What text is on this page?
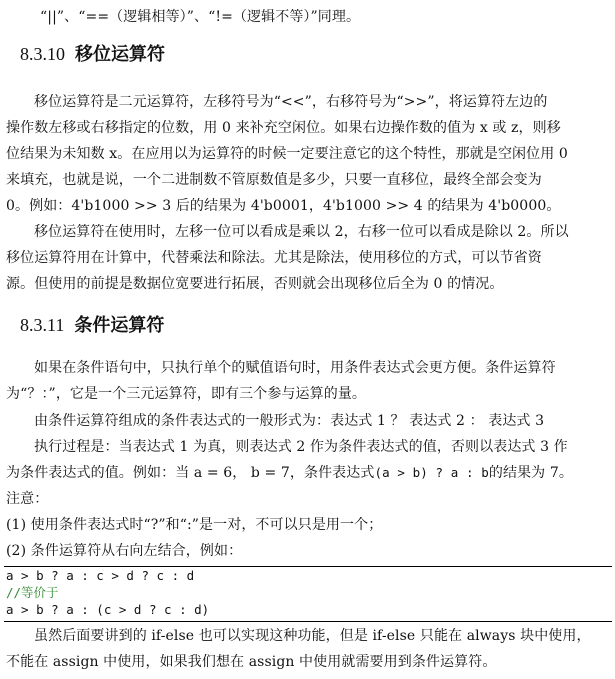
“||”、“==（逻辑相等）”、“!=（逻辑不等）”同理。
8.3.10 移位运算符
移位运算符是二元运算符，左移符号为“<<”，右移符号为“>>”，将运算符左边的
操作数左移或右移指定的位数，用 0 来补充空闲位。如果右边操作数的值为 x 或 z，则移
位结果为未知数 x。在应用以为运算符的时候一定要注意它的这个特性，那就是空闲位用 0
来填充，也就是说，一个二进制数不管原数值是多少，只要一直移位，最终全部会变为
0。例如：4'b1000 >> 3 后的结果为 4'b0001，4'b1000 >> 4 的结果为 4'b0000。
移位运算符在使用时，左移一位可以看成是乘以 2，右移一位可以看成是除以 2。所以
移位运算符用在计算中，代替乘法和除法。尤其是除法，使用移位的方式，可以节省资
源。但使用的前提是数据位宽要进行拓展，否则就会出现移位后全为 0 的情况。
8.3.11 条件运算符
如果在条件语句中，只执行单个的赋值语句时，用条件表达式会更方便。条件运算符
为“？：”，它是一个三元运算符，即有三个参与运算的量。
由条件运算符组成的条件表达式的一般形式为：表达式 1 ？ 表达式 2 ： 表达式 3
执行过程是：当表达式 1 为真，则表达式 2 作为条件表达式的值，否则以表达式 3 作
为条件表达式的值。例如：当 a = 6， b = 7，条件表达式(a > b) ? a : b的结果为 7。
注意：
(1) 使用条件表达式时“?”和“:”是一对，不可以只是用一个；
(2) 条件运算符从右向左结合，例如：
a > b ? a : c > d ? c : d
//等价于
a > b ? a : (c > d ? c : d)
虽然后面要讲到的 if-else 也可以实现这种功能，但是 if-else 只能在 always 块中使用，
不能在 assign 中使用，如果我们想在 assign 中使用就需要用到条件运算符。
